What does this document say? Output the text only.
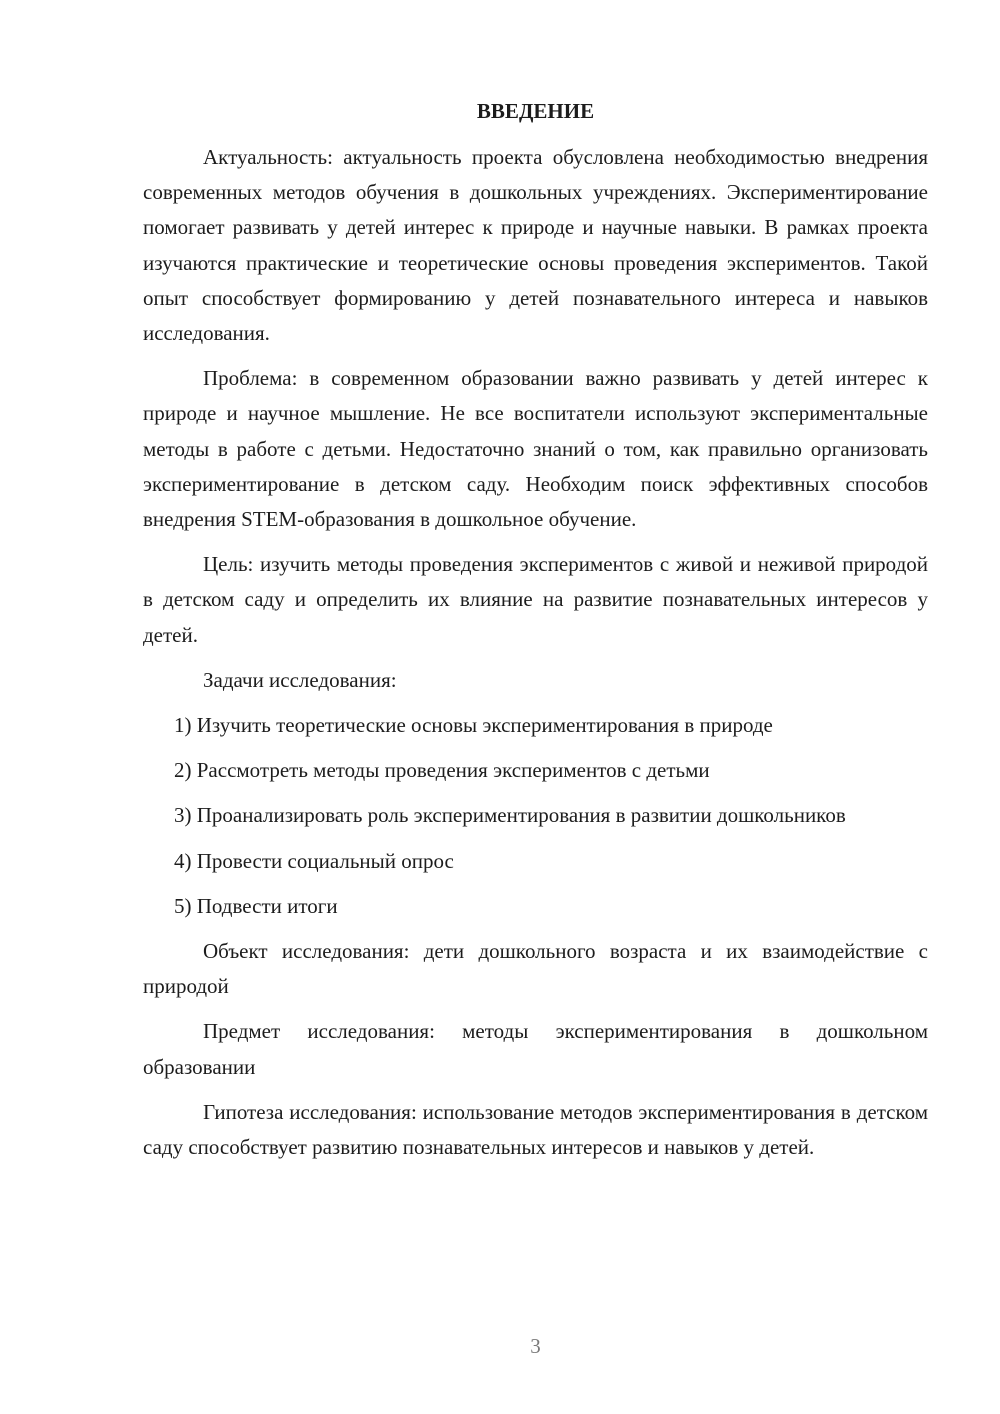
ВВЕДЕНИЕ

Актуальность: актуальность проекта обусловлена необходимостью внедрения современных методов обучения в дошкольных учреждениях. Экспериментирование помогает развивать у детей интерес к природе и научные навыки. В рамках проекта изучаются практические и теоретические основы проведения экспериментов. Такой опыт способствует формированию у детей познавательного интереса и навыков исследования.

Проблема: в современном образовании важно развивать у детей интерес к природе и научное мышление. Не все воспитатели используют экспериментальные методы в работе с детьми. Недостаточно знаний о том, как правильно организовать экспериментирование в детском саду. Необходим поиск эффективных способов внедрения STEM-образования в дошкольное обучение.

Цель: изучить методы проведения экспериментов с живой и неживой природой в детском саду и определить их влияние на развитие познавательных интересов у детей.

Задачи исследования:

1) Изучить теоретические основы экспериментирования в природе

2) Рассмотреть методы проведения экспериментов с детьми

3) Проанализировать роль экспериментирования в развитии дошкольников

4) Провести социальный опрос

5) Подвести итоги

Объект исследования: дети дошкольного возраста и их взаимодействие с природой

Предмет исследования: методы экспериментирования в дошкольном образовании

Гипотеза исследования: использование методов экспериментирования в детском саду способствует развитию познавательных интересов и навыков у детей.

3
